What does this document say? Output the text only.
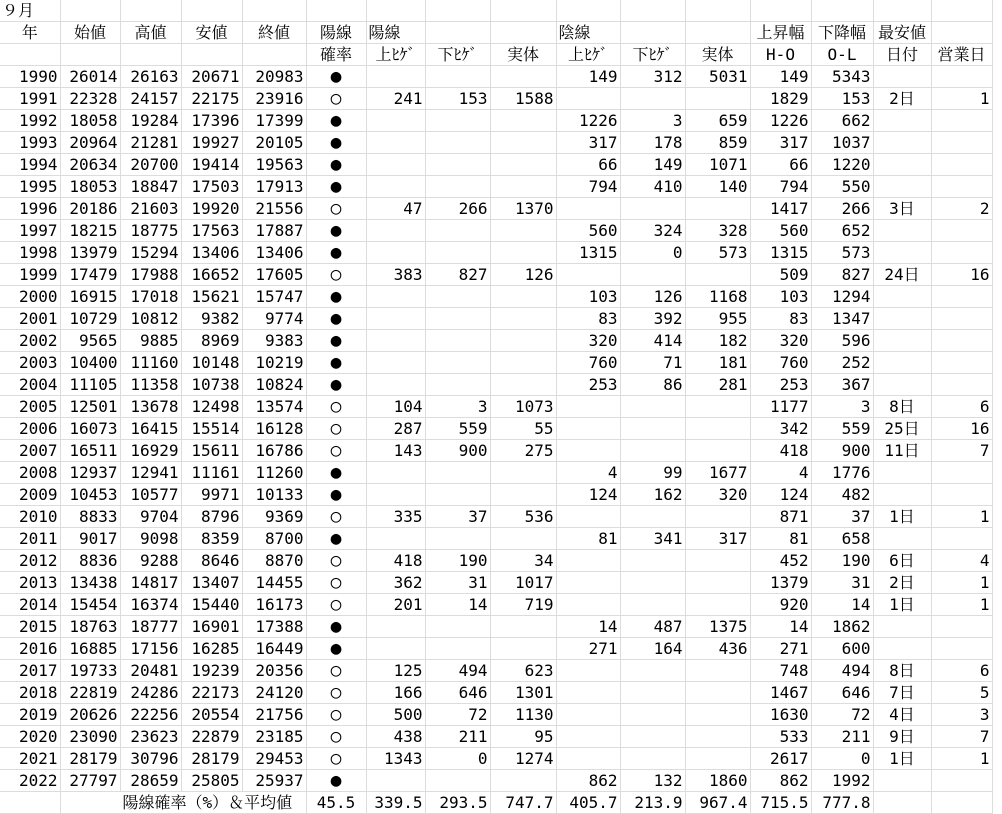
９月															
年	始値	高値	安値	終値	陽線	陽線			陰線			上昇幅	下降幅	最安値	
					確率	上ﾋｹﾞ	下ﾋｹﾞ	実体	上ﾋｹﾞ	下ﾋｹﾞ	実体	H-O	O-L	日付	営業日
1990	26014	26163	20671	20983	●				149	312	5031	149	5343		
1991	22328	24157	22175	23916	○	241	153	1588				1829	153	2日	1
1992	18058	19284	17396	17399	●				1226	3	659	1226	662		
1993	20964	21281	19927	20105	●				317	178	859	317	1037		
1994	20634	20700	19414	19563	●				66	149	1071	66	1220		
1995	18053	18847	17503	17913	●				794	410	140	794	550		
1996	20186	21603	19920	21556	○	47	266	1370				1417	266	3日	2
1997	18215	18775	17563	17887	●				560	324	328	560	652		
1998	13979	15294	13406	13406	●				1315	0	573	1315	573		
1999	17479	17988	16652	17605	○	383	827	126				509	827	24日	16
2000	16915	17018	15621	15747	●				103	126	1168	103	1294		
2001	10729	10812	9382	9774	●				83	392	955	83	1347		
2002	9565	9885	8969	9383	●				320	414	182	320	596		
2003	10400	11160	10148	10219	●				760	71	181	760	252		
2004	11105	11358	10738	10824	●				253	86	281	253	367		
2005	12501	13678	12498	13574	○	104	3	1073				1177	3	8日	6
2006	16073	16415	15514	16128	○	287	559	55				342	559	25日	16
2007	16511	16929	15611	16786	○	143	900	275				418	900	11日	7
2008	12937	12941	11161	11260	●				4	99	1677	4	1776		
2009	10453	10577	9971	10133	●				124	162	320	124	482		
2010	8833	9704	8796	9369	○	335	37	536				871	37	1日	1
2011	9017	9098	8359	8700	●				81	341	317	81	658		
2012	8836	9288	8646	8870	○	418	190	34				452	190	6日	4
2013	13438	14817	13407	14455	○	362	31	1017				1379	31	2日	1
2014	15454	16374	15440	16173	○	201	14	719				920	14	1日	1
2015	18763	18777	16901	17388	●				14	487	1375	14	1862		
2016	16885	17156	16285	16449	●				271	164	436	271	600		
2017	19733	20481	19239	20356	○	125	494	623				748	494	8日	6
2018	22819	24286	22173	24120	○	166	646	1301				1467	646	7日	5
2019	20626	22256	20554	21756	○	500	72	1130				1630	72	4日	3
2020	23090	23623	22879	23185	○	438	211	95				533	211	9日	7
2021	28179	30796	28179	29453	○	1343	0	1274				2617	0	1日	1
2022	27797	28659	25805	25937	●				862	132	1860	862	1992		
	陽線確率（%）＆平均値				45.5	339.5	293.5	747.7	405.7	213.9	967.4	715.5	777.8		
